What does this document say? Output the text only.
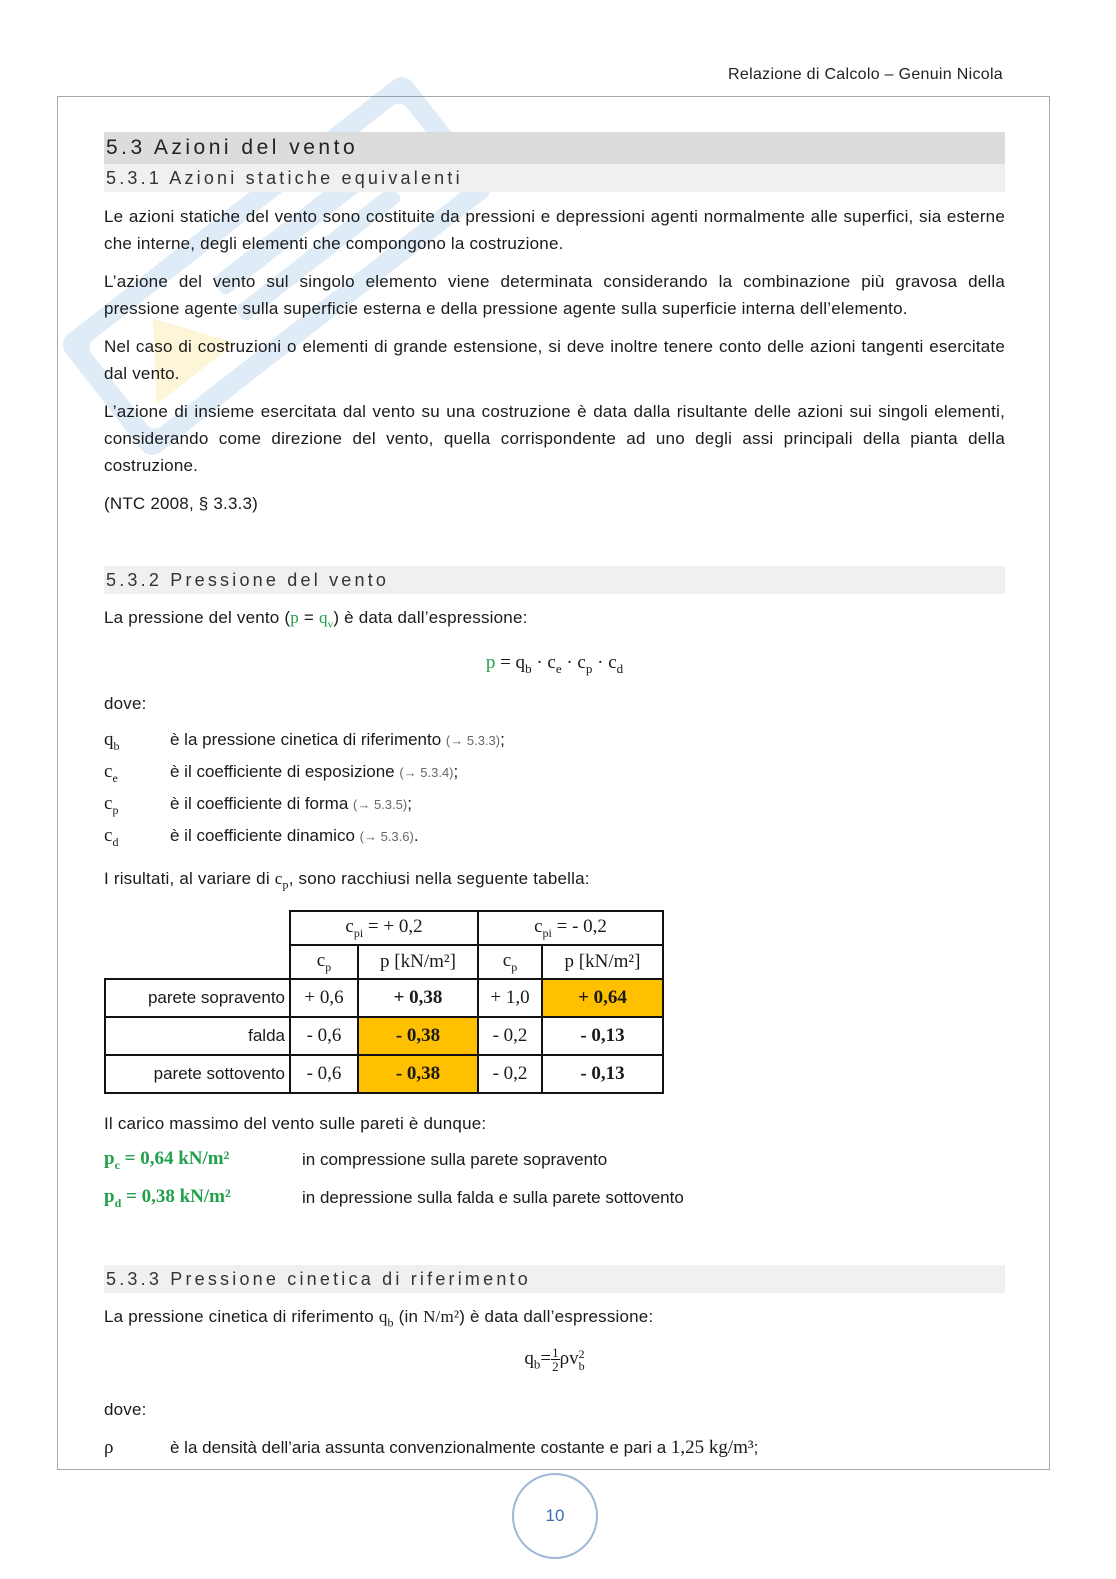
Relazione di Calcolo – Genuin Nicola
5.3 Azioni del vento
5.3.1 Azioni statiche equivalenti

Le azioni statiche del vento sono costituite da pressioni e depressioni agenti normalmente alle superfici, sia esterne che interne, degli elementi che compongono la costruzione.

L’azione del vento sul singolo elemento viene determinata considerando la combinazione più gravosa della pressione agente sulla superficie esterna e della pressione agente sulla superficie interna dell’elemento.

Nel caso di costruzioni o elementi di grande estensione, si deve inoltre tenere conto delle azioni tangenti esercitate dal vento.

L’azione di insieme esercitata dal vento su una costruzione è data dalla risultante delle azioni sui singoli elementi, considerando come direzione del vento, quella corrispondente ad uno degli assi principali della pianta della costruzione.

(NTC 2008, § 3.3.3)

5.3.2 Pressione del vento

La pressione del vento $(p = q_v)$ è data dall’espressione:

$p = q_b \cdot c_e \cdot c_p \cdot c_d$

dove:

$q_b$	è la pressione cinetica di riferimento (→ 5.3.3);
$c_e$	è il coefficiente di esposizione (→ 5.3.4);
$c_p$	è il coefficiente di forma (→ 5.3.5);
$c_d$	è il coefficiente dinamico (→ 5.3.6).

I risultati, al variare di $c_p$, sono racchiusi nella seguente tabella:

	$c_{pi}$ = + 0,2		$c_{pi}$ = - 0,2	
	$c_p$	p [kN/m²]	$c_p$	p [kN/m²]
parete sopravento	+ 0,6	+ 0,38	+ 1,0	+ 0,64
falda	- 0,6	- 0,38	- 0,2	- 0,13
parete sottovento	- 0,6	- 0,38	- 0,2	- 0,13

Il carico massimo del vento sulle pareti è dunque:

$p_c = 0,64$ kN/m²	in compressione sulla parete sopravento
$p_d = 0,38$ kN/m²	in depressione sulla falda e sulla parete sottovento
5.3.3 Pressione cinetica di riferimento

La pressione cinetica di riferimento $q_b$ (in N/m²) è data dall’espressione:

$q_b= \frac{1}{2}$ ρv 2
b

dove:

ρ	è la densità dell’aria assunta convenzionalmente costante e pari a 1,25 kg/m³;
10
